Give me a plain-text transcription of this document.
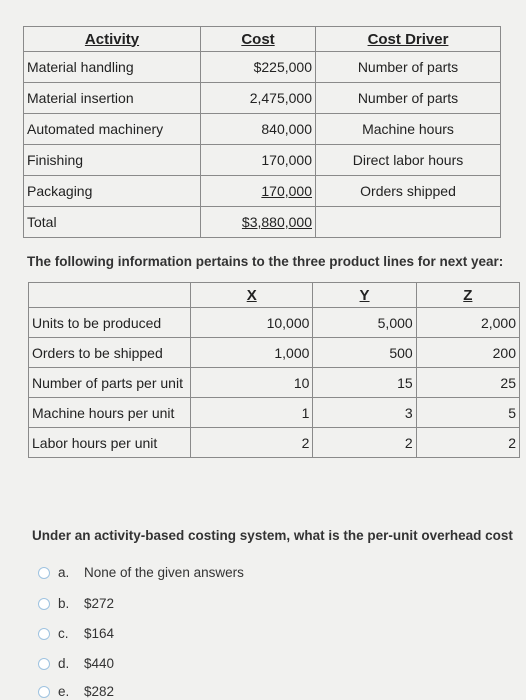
Activity	Cost	Cost Driver
Material handling	$225,000	Number of parts
Material insertion	2,475,000	Number of parts
Automated machinery	840,000	Machine hours
Finishing	170,000	Direct labor hours
Packaging	170,000	Orders shipped
Total	$3,880,000	
The following information pertains to the three product lines for next year:
	X	Y	Z
Units to be produced	10,000	5,000	2,000
Orders to be shipped	1,000	500	200
Number of parts per unit	10	15	25
Machine hours per unit	1	3	5
Labor hours per unit	2	2	2
Under an activity-based costing system, what is the per-unit overhead cost
a.	None of the given answers
b.	$272
c.	$164
d.	$440
e.	$282
